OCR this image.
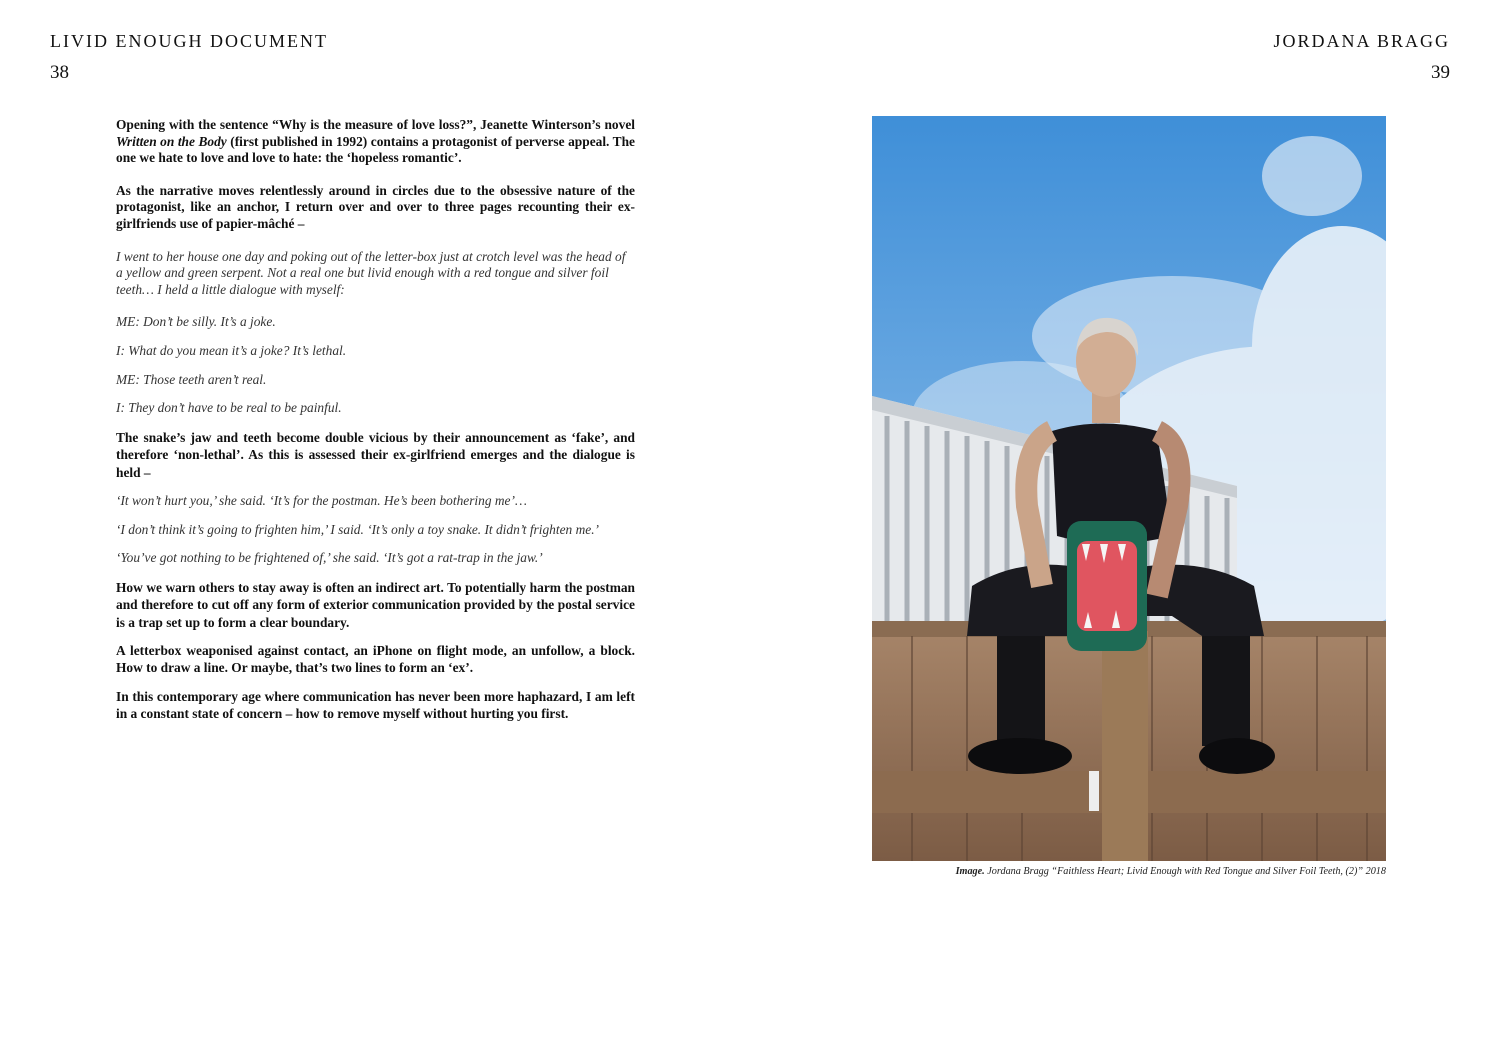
LIVID ENOUGH DOCUMENT
38
JORDANA BRAGG
39

Opening with the sentence “Why is the measure of love loss?”, Jeanette Winterson’s novel Written on the Body (first published in 1992) contains a protagonist of perverse appeal. The one we hate to love and love to hate: the ‘hopeless romantic’.

As the narrative moves relentlessly around in circles due to the obsessive nature of the protagonist, like an anchor, I return over and over to three pages recounting their ex-girlfriends use of papier-mâché –

I went to her house one day and poking out of the letter-box just at crotch level was the head of a yellow and green serpent. Not a real one but livid enough with a red tongue and silver foil teeth… I held a little dialogue with myself:

ME: Don’t be silly. It’s a joke.

I: What do you mean it’s a joke? It’s lethal.

ME: Those teeth aren’t real.

I: They don’t have to be real to be painful.

The snake’s jaw and teeth become double vicious by their announcement as ‘fake’, and therefore ‘non-lethal’. As this is assessed their ex-girlfriend emerges and the dialogue is held –

‘It won’t hurt you,’ she said. ‘It’s for the postman. He’s been bothering me’…

‘I don’t think it’s going to frighten him,’ I said. ‘It’s only a toy snake. It didn’t frighten me.’

‘You’ve got nothing to be frightened of,’ she said. ‘It’s got a rat-trap in the jaw.’

How we warn others to stay away is often an indirect art. To potentially harm the postman and therefore to cut off any form of exterior communication provided by the postal service is a trap set up to form a clear boundary.

A letterbox weaponised against contact, an iPhone on flight mode, an unfollow, a block. How to draw a line. Or maybe, that’s two lines to form an ‘ex’.

In this contemporary age where communication has never been more haphazard, I am left in a constant state of concern – how to remove myself without hurting you first.

Image. Jordana Bragg “Faithless Heart; Livid Enough with Red Tongue and Silver Foil Teeth, (2)” 2018
